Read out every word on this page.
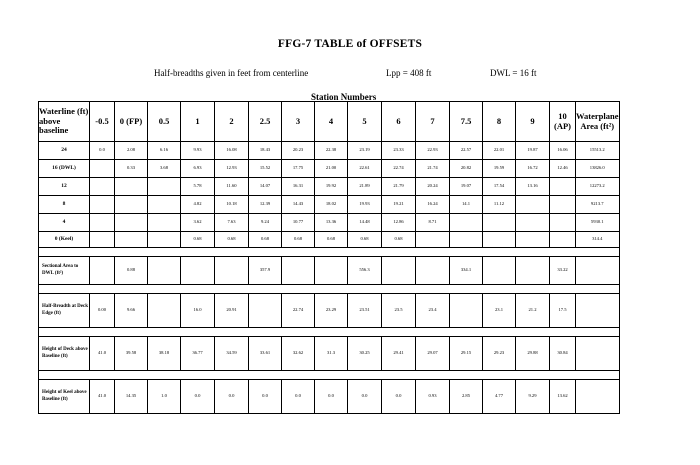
FFG-7 TABLE of OFFSETS
Half-breadths given in feet from centerline	Lpp = 408 ft	DWL = 16 ft
Station Numbers
Waterline (ft) above baseline	-0.5	0 (FP)	0.5	1	2	2.5	3	4	5	6	7	7.5	8	9	10 (AP)	Waterplane Area (ft²)
24	0.0	2.08	6.16	9.93	16.08	18.43	20.23	22.38	23.19	23.33	22.93	22.57	22.01	19.87	16.06	15513.2
16 (DWL)		0.33	3.68	6.93	12.93	15.52	17.75	21.00	22.61	22.74	21.74	20.82	19.59	16.72	12.46	13826.0
12				5.78	11.60	14.07	16.31	19.92	21.89	21.79	20.24	19.07	17.54	13.16		12273.2
8				4.82	10.18	12.39	14.43	18.02	19.93	19.21	16.24	14.1	11.12			9213.7
4				3.62	7.63	9.24	10.77	13.36	14.48	12.86	8.71					5930.1
0 (Keel)				0.68	0.68	0.68	0.68	0.68	0.68	0.68						314.4

Sectional Area to DWL (ft²)		0.88				357.9			556.3			334.1			33.22	

Half-Breadth at Deck Edge (ft)	0.00	9.66		16.0	20.91		22.74	23.29	23.51	23.5	23.4		23.1	21.2	17.5	

Height of Deck above Baseline (ft)	41.0	39.58	38.18	36.77	34.59	33.61	32.62	31.3	30.25	29.41	29.07	29.15	29.23	29.88	30.84	

Height of Keel above Baseline (ft)	41.0	14.35	1.0	0.0	0.0	0.0	0.0	0.0	0.0	0.0	0.93	2.85	4.77	9.29	13.62	
